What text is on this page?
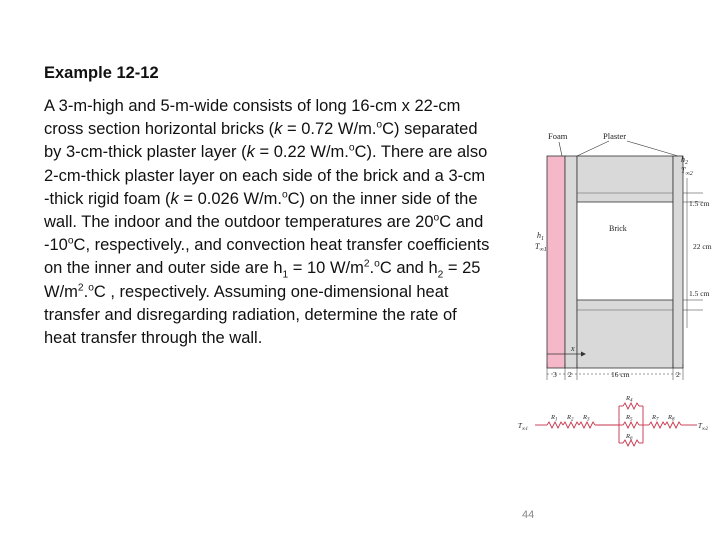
Example 12-12

A 3-m-high and 5-m-wide consists of long 16-cm x 22-cm

cross section horizontal bricks (k = 0.72 W/m.$^o$C) separated

by 3-cm-thick plaster layer (k = 0.22 W/m.$^o$C). There are also

2-cm-thick plaster layer on each side of the brick and a 3-cm

-thick rigid foam (k = 0.026 W/m.$^o$C) on the inner side of the

wall. The indoor and the outdoor temperatures are 20$^o$C and

-10$^o$C, respectively., and convection heat transfer coefficients

on the inner and outer side are $h_1 = 10$ $W/m^2.^oC$ and $h_2 = 25$

$W/m^2.^oC$ , respectively. Assuming one-dimensional heat

transfer and disregarding radiation, determine the rate of

heat transfer through the wall.

Foam	Plaster
Brick
$h_2$
$T_{\infty 2}$
$h_1$
$T_{\infty 1}$
1.5 cm
22 cm
1.5 cm
x
3 2	16 cm	2
$T_{\infty 1}$	$T_{\infty 2}$
$R_1$ $R_2$ $R_3$
$R_4$
$R_5$
$R_6$
$R_7$ $R_8$
44
